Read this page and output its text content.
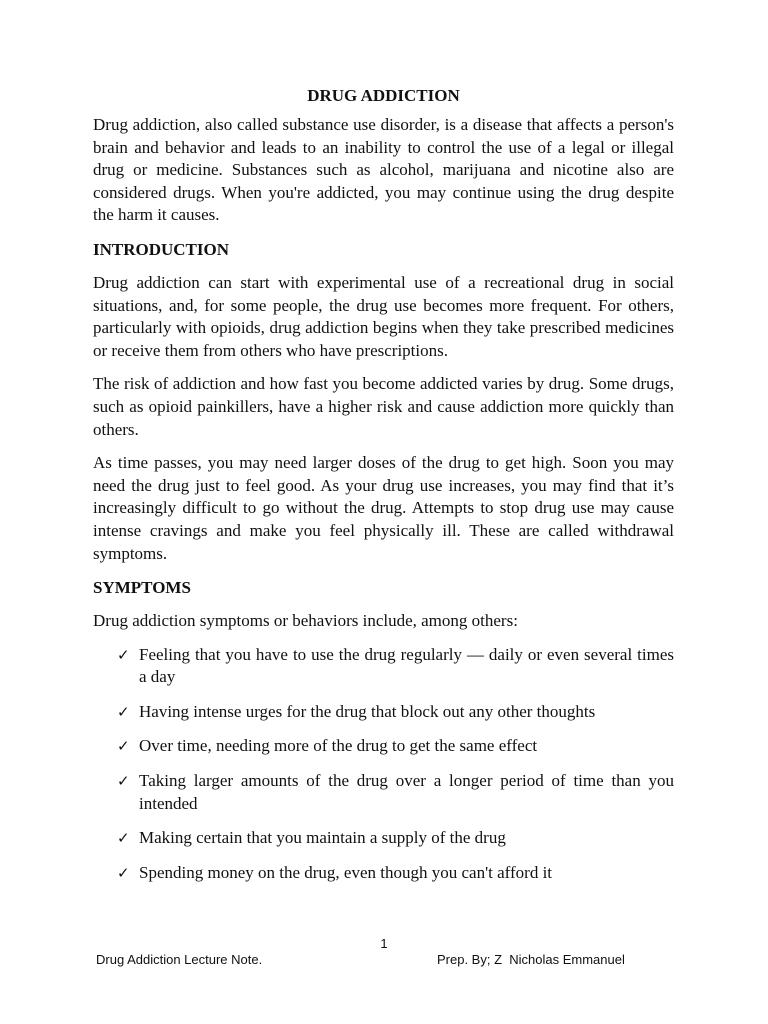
DRUG ADDICTION

Drug addiction, also called substance use disorder, is a disease that affects a person's brain and behavior and leads to an inability to control the use of a legal or illegal drug or medicine. Substances such as alcohol, marijuana and nicotine also are considered drugs. When you're addicted, you may continue using the drug despite the harm it causes.

INTRODUCTION

Drug addiction can start with experimental use of a recreational drug in social situations, and, for some people, the drug use becomes more frequent. For others, particularly with opioids, drug addiction begins when they take prescribed medicines or receive them from others who have prescriptions.

The risk of addiction and how fast you become addicted varies by drug. Some drugs, such as opioid painkillers, have a higher risk and cause addiction more quickly than others.

As time passes, you may need larger doses of the drug to get high. Soon you may need the drug just to feel good. As your drug use increases, you may find that it’s increasingly difficult to go without the drug. Attempts to stop drug use may cause intense cravings and make you feel physically ill. These are called withdrawal symptoms.

SYMPTOMS

Drug addiction symptoms or behaviors include, among others:

✓ Feeling that you have to use the drug regularly — daily or even several times a day
✓ Having intense urges for the drug that block out any other thoughts
✓ Over time, needing more of the drug to get the same effect
✓ Taking larger amounts of the drug over a longer period of time than you intended
✓ Making certain that you maintain a supply of the drug
✓ Spending money on the drug, even though you can't afford it
1
Drug Addiction Lecture Note.	Prep. By; Z  Nicholas Emmanuel
